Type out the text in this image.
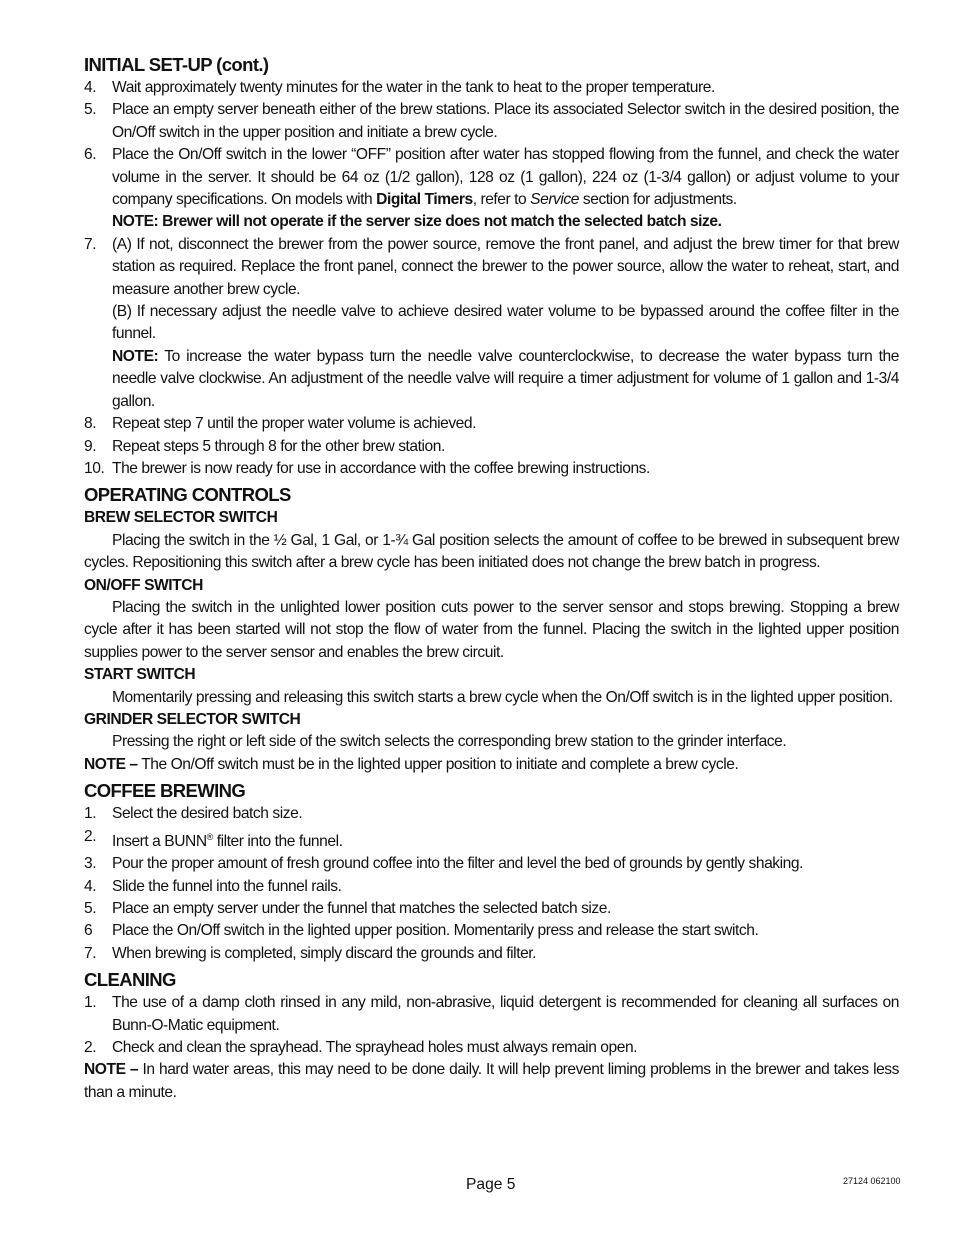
INITIAL SET-UP (cont.)
4.	Wait approximately twenty minutes for the water in the tank to heat to the proper temperature.
5.	Place an empty server beneath either of the brew stations. Place its associated Selector switch in the desired position, the On/Off switch in the upper position and initiate a brew cycle.
6.	Place the On/Off switch in the lower “OFF” position after water has stopped flowing from the funnel, and check the water volume in the server. It should be 64 oz (1/2 gallon), 128 oz (1 gallon), 224 oz (1-3/4 gallon) or adjust volume to your company specifications. On models with Digital Timers, refer to Service section for adjustments.
NOTE: Brewer will not operate if the server size does not match the selected batch size.
7.	(A) If not, disconnect the brewer from the power source, remove the front panel, and adjust the brew timer for that brew station as required. Replace the front panel, connect the brewer to the power source, allow the water to reheat, start, and measure another brew cycle.

(B) If necessary adjust the needle valve to achieve desired water volume to be bypassed around the coffee filter in the funnel.

NOTE: To increase the water bypass turn the needle valve counterclockwise, to decrease the water bypass turn the needle valve clockwise. An adjustment of the needle valve will require a timer adjustment for volume of 1 gallon and 1-3/4 gallon.

8.	Repeat step 7 until the proper water volume is achieved.
9.	Repeat steps 5 through 8 for the other brew station.
10. The brewer is now ready for use in accordance with the coffee brewing instructions.
OPERATING CONTROLS
BREW SELECTOR SWITCH

Placing the switch in the ½ Gal, 1 Gal, or 1-¾ Gal position selects the amount of coffee to be brewed in subsequent brew cycles. Repositioning this switch after a brew cycle has been initiated does not change the brew batch in progress.

ON/OFF SWITCH

Placing the switch in the unlighted lower position cuts power to the server sensor and stops brewing. Stopping a brew cycle after it has been started will not stop the flow of water from the funnel. Placing the switch in the lighted upper position supplies power to the server sensor and enables the brew circuit.

START SWITCH

Momentarily pressing and releasing this switch starts a brew cycle when the On/Off switch is in the lighted upper position.

GRINDER SELECTOR SWITCH

Pressing the right or left side of the switch selects the corresponding brew station to the grinder interface.

NOTE – The On/Off switch must be in the lighted upper position to initiate and complete a brew cycle.

COFFEE BREWING
1.	Select the desired batch size.
2.	Insert a BUNN® filter into the funnel.
3.	Pour the proper amount of fresh ground coffee into the filter and level the bed of grounds by gently shaking.
4.	Slide the funnel into the funnel rails.
5.	Place an empty server under the funnel that matches the selected batch size.
6	Place the On/Off switch in the lighted upper position. Momentarily press and release the start switch.
7.	When brewing is completed, simply discard the grounds and filter.
CLEANING
1.	The use of a damp cloth rinsed in any mild, non-abrasive, liquid detergent is recommended for cleaning all surfaces on Bunn-O-Matic equipment.
2.	Check and clean the sprayhead. The sprayhead holes must always remain open.

NOTE – In hard water areas, this may need to be done daily. It will help prevent liming problems in the brewer and takes less than a minute.

Page 5	27124 062100
